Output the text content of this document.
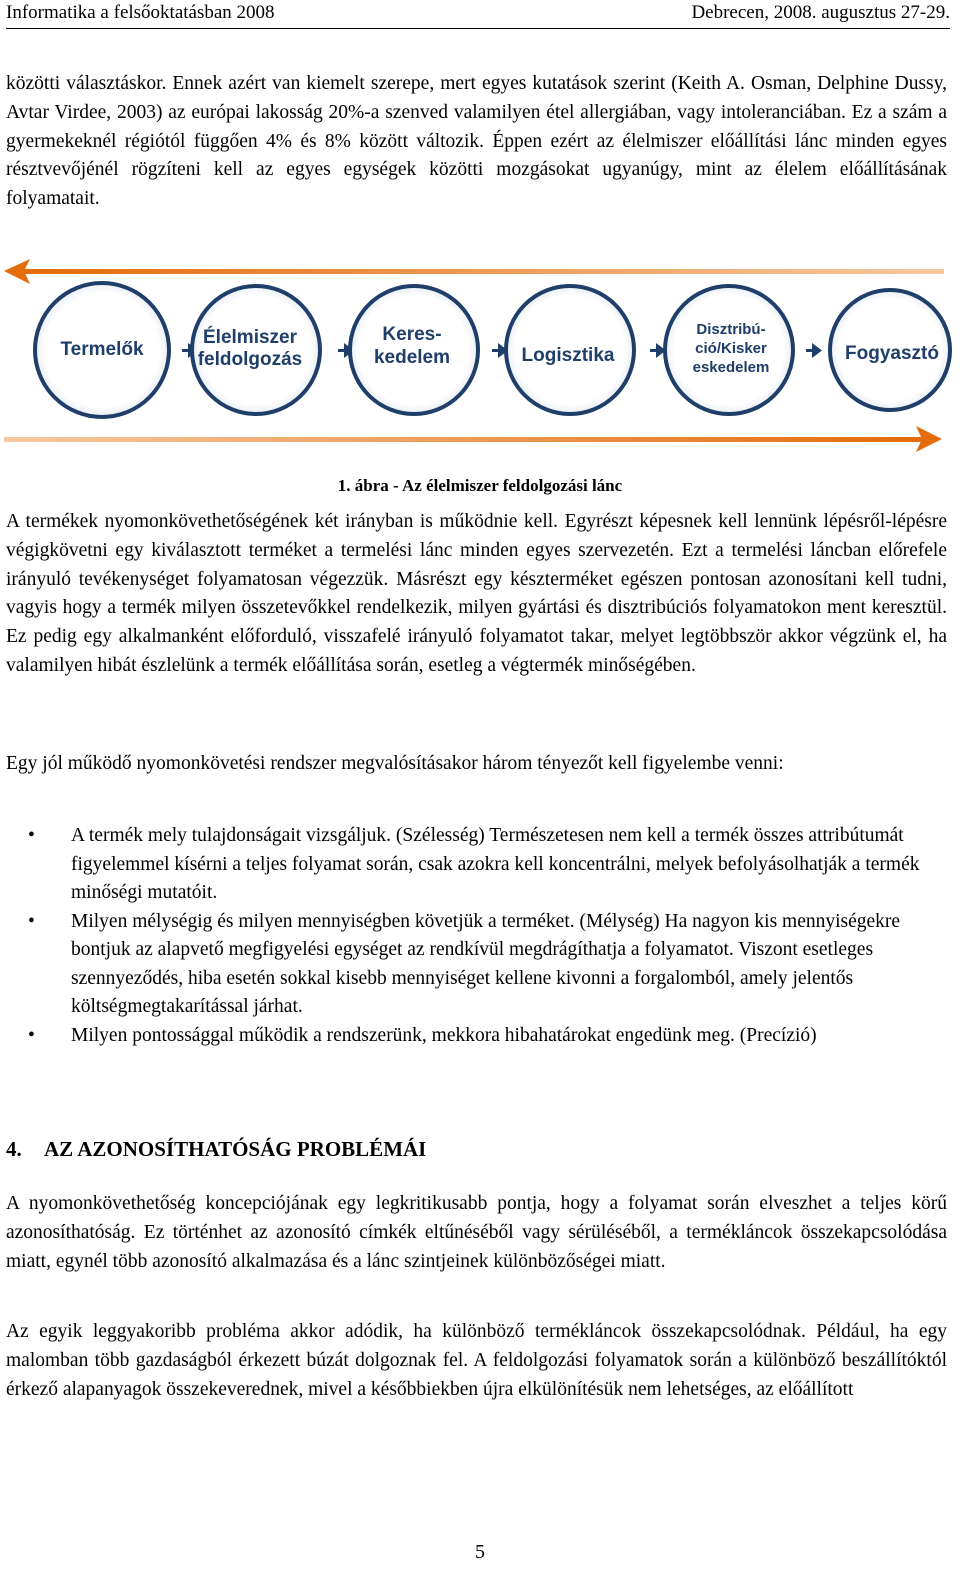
Informatika a felsőoktatásban 2008	Debrecen, 2008. augusztus 27-29.

közötti választáskor. Ennek azért van kiemelt szerepe, mert egyes kutatások szerint (Keith A. Osman, Delphine Dussy, Avtar Virdee, 2003) az európai lakosság 20%-a szenved valamilyen étel allergiában, vagy intoleranciában. Ez a szám a gyermekeknél régiótól függően 4% és 8% között változik. Éppen ezért az élelmiszer előállítási lánc minden egyes résztvevőjénél rögzíteni kell az egyes egységek közötti mozgásokat ugyanúgy, mint az élelem előállításának folyamatait.

Termelők
Élelmiszer
feldolgozás
Keres-
kedelem	Logisztika
Disztribú-
ció/Kisker
eskedelem
Fogyasztó
1. ábra - Az élelmiszer feldolgozási lánc

A termékek nyomonkövethetőségének két irányban is működnie kell. Egyrészt képesnek kell lennünk lépésről-lépésre végigkövetni egy kiválasztott terméket a termelési lánc minden egyes szervezetén. Ezt a termelési láncban előrefele irányuló tevékenységet folyamatosan végezzük. Másrészt egy készterméket egészen pontosan azonosítani kell tudni, vagyis hogy a termék milyen összetevőkkel rendelkezik, milyen gyártási és disztribúciós folyamatokon ment keresztül. Ez pedig egy alkalmanként előforduló, visszafelé irányuló folyamatot takar, melyet legtöbbször akkor végzünk el, ha valamilyen hibát észlelünk a termék előállítása során, esetleg a végtermék minőségében.

Egy jól működő nyomonkövetési rendszer megvalósításakor három tényezőt kell figyelembe venni:

• A termék mely tulajdonságait vizsgáljuk. (Szélesség) Természetesen nem kell a termék összes attribútumát figyelemmel kísérni a teljes folyamat során, csak azokra kell koncentrálni, melyek befolyásolhatják a termék minőségi mutatóit.
• Milyen mélységig és milyen mennyiségben követjük a terméket. (Mélység) Ha nagyon kis mennyiségekre bontjuk az alapvető megfigyelési egységet az rendkívül megdrágíthatja a folyamatot. Viszont esetleges szennyeződés, hiba esetén sokkal kisebb mennyiséget kellene kivonni a forgalomból, amely jelentős költségmegtakarítással járhat.
• Milyen pontossággal működik a rendszerünk, mekkora hibahatárokat engedünk meg. (Precízió)
4. AZ AZONOSÍTHATÓSÁG PROBLÉMÁI

A nyomonkövethetőség koncepciójának egy legkritikusabb pontja, hogy a folyamat során elveszhet a teljes körű azonosíthatóság. Ez történhet az azonosító címkék eltűnéséből vagy sérüléséből, a termékláncok összekapcsolódása miatt, egynél több azonosító alkalmazása és a lánc szintjeinek különbözőségei miatt.

Az egyik leggyakoribb probléma akkor adódik, ha különböző termékláncok összekapcsolódnak. Például, ha egy malomban több gazdaságból érkezett búzát dolgoznak fel. A feldolgozási folyamatok során a különböző beszállítóktól érkező alapanyagok összekeverednek, mivel a későbbiekben újra elkülönítésük nem lehetséges, az előállított

5
